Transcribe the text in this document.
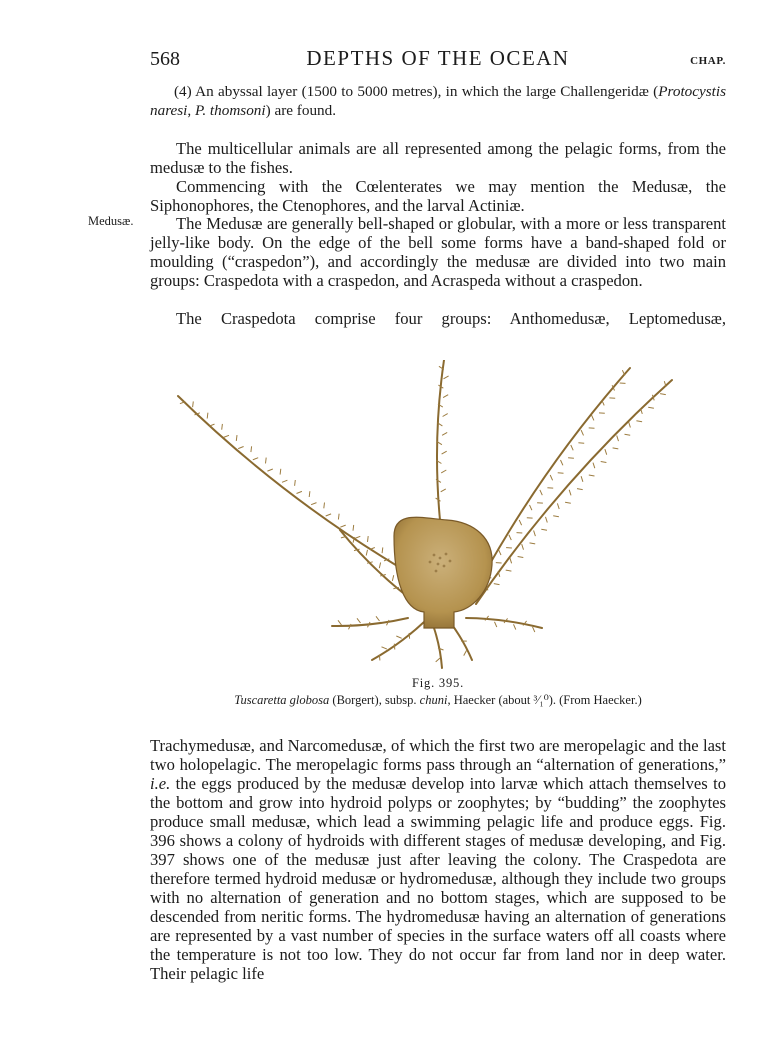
568	DEPTHS OF THE OCEAN	CHAP.
(4) An abyssal layer (1500 to 5000 metres), in which the large Challengeridæ (Protocystis naresi, P. thomsoni) are found.
The multicellular animals are all represented among the pelagic forms, from the medusæ to the fishes.
Commencing with the Cœlenterates we may mention the Medusæ, the Siphonophores, the Ctenophores, and the larval Actiniæ.
Medusæ.	The Medusæ are generally bell-shaped or globular, with a more or less transparent jelly-like body. On the edge of the bell some forms have a band-shaped fold or moulding (“craspedon”), and accordingly the medusæ are divided into two main groups: Craspedota with a craspedon, and Acraspeda without a craspedon.
The Craspedota comprise four groups: Anthomedusæ, Leptomedusæ,
Fig. 395.
Tuscaretta globosa (Borgert), subsp. chuni, Haecker (about ³⁄₁⁰). (From Haecker.)
Trachymedusæ, and Narcomedusæ, of which the first two are meropelagic and the last two holopelagic. The meropelagic forms pass through an “alternation of generations,” i.e. the eggs produced by the medusæ develop into larvæ which attach themselves to the bottom and grow into hydroid polyps or zoophytes; by “budding” the zoophytes produce small medusæ, which lead a swimming pelagic life and produce eggs. Fig. 396 shows a colony of hydroids with different stages of medusæ developing, and Fig. 397 shows one of the medusæ just after leaving the colony. The Craspedota are therefore termed hydroid medusæ or hydromedusæ, although they include two groups with no alternation of generation and no bottom stages, which are supposed to be descended from neritic forms. The hydromedusæ having an alternation of generations are represented by a vast number of species in the surface waters off all coasts where the temperature is not too low. They do not occur far from land nor in deep water. Their pelagic life
